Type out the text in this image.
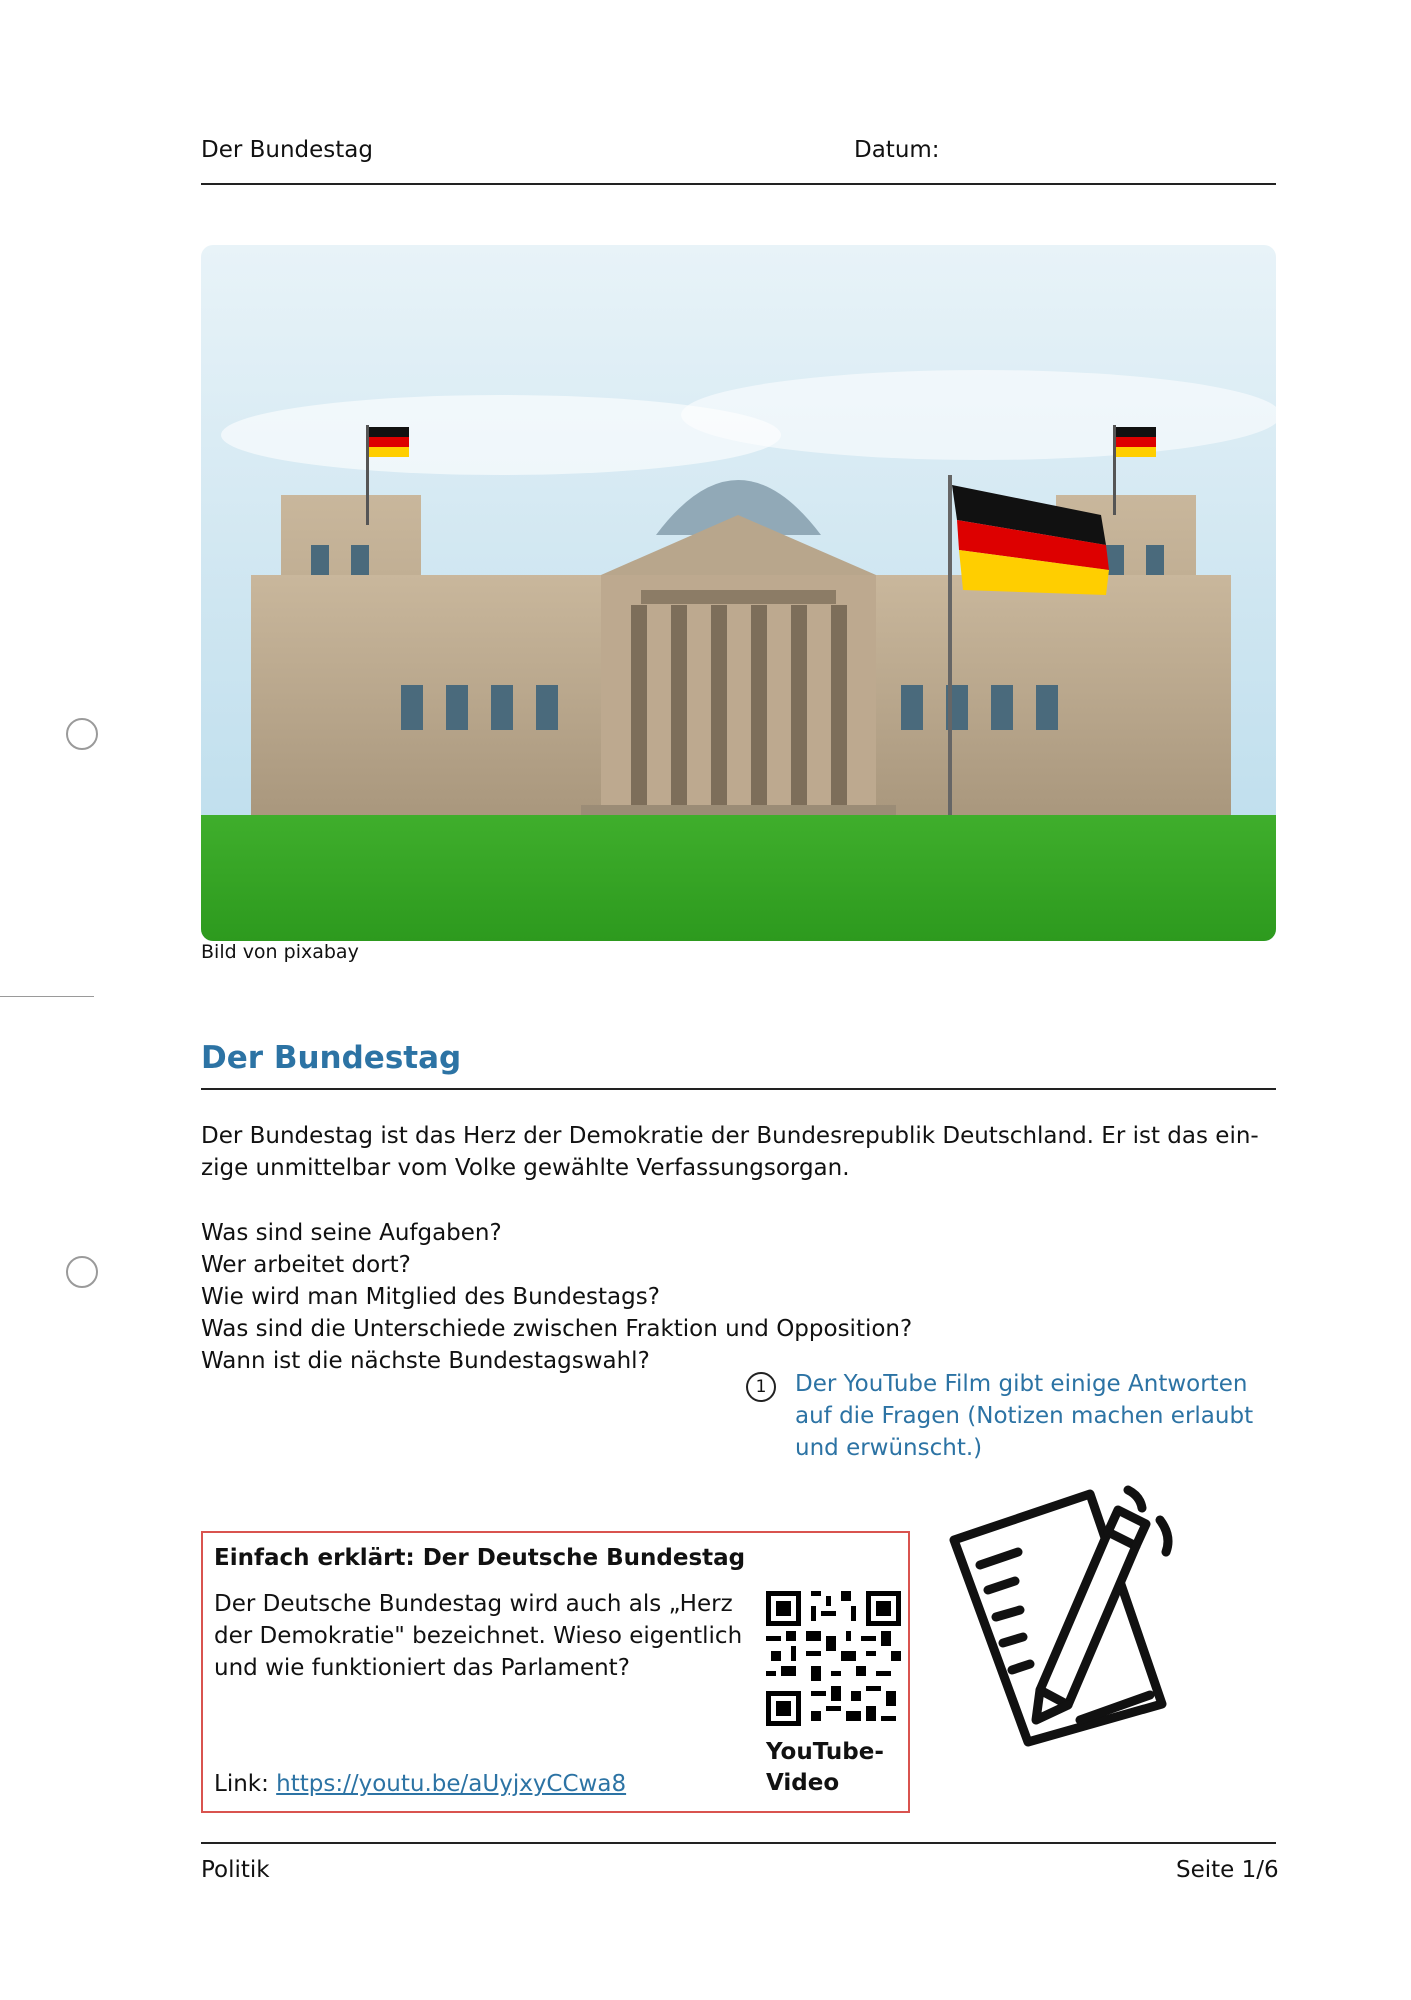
Der Bundestag	Datum:
Bild von pixabay
Der Bundestag

Der Bundestag ist das Herz der Demokratie der Bundesrepublik Deutschland. Er ist das ein-

zige unmittelbar vom Volke gewählte Verfassungsorgan.

Was sind seine Aufgaben?

Wer arbeitet dort?

Wie wird man Mitglied des Bundestags?

Was sind die Unterschiede zwischen Fraktion und Opposition?

Wann ist die nächste Bundestagswahl?

1	Der YouTube Film gibt einige Antworten
auf die Fragen (Notizen machen erlaubt
und erwünscht.)
Einfach erklärt: Der Deutsche Bundestag
Der Deutsche Bundestag wird auch als „Herz
der Demokratie" bezeichnet. Wieso eigentlich
und wie funktioniert das Parlament?
Link: https://youtu.be/aUyjxyCCwa8
YouTube-
Video
Politik	Seite 1/6
